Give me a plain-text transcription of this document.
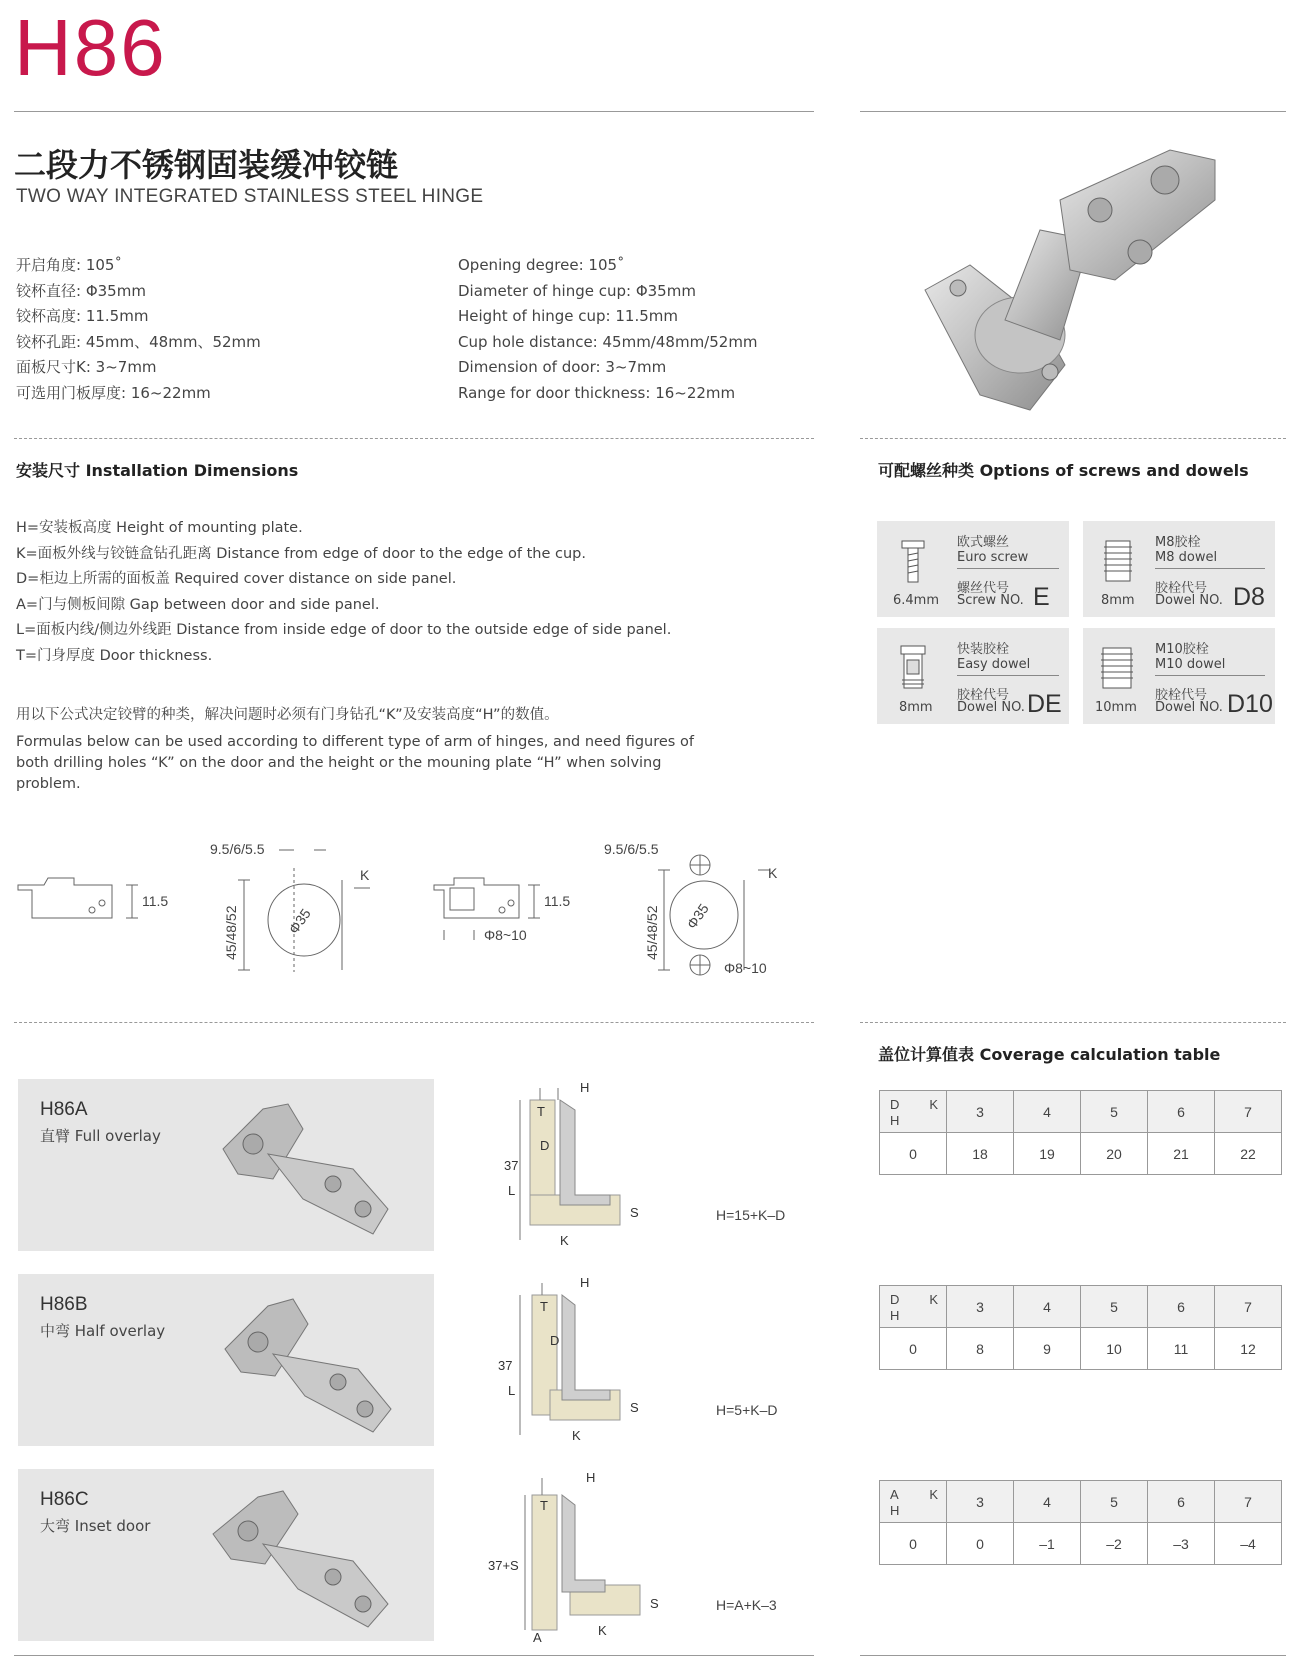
H86
二段力不锈钢固装缓冲铰链
TWO WAY INTEGRATED STAINLESS STEEL HINGE
开启角度: 105˚
铰杯直径: Φ35mm
铰杯高度: 11.5mm
铰杯孔距: 45mm、48mm、52mm
面板尺寸K: 3~7mm
可选用门板厚度: 16~22mm
Opening degree: 105˚
Diameter of hinge cup: Φ35mm
Height of hinge cup: 11.5mm
Cup hole distance: 45mm/48mm/52mm
Dimension of door: 3~7mm
Range for door thickness: 16~22mm
安装尺寸 Installation Dimensions
H=安装板高度 Height of mounting plate.
K=面板外线与铰链盒钻孔距离 Distance from edge of door to the edge of the cup.
D=柜边上所需的面板盖 Required cover distance on side panel.
A=门与侧板间隙 Gap between door and side panel.
L=面板内线/侧边外线距 Distance from inside edge of door to the outside edge of side panel.
T=门身厚度 Door thickness.
用以下公式决定铰臂的种类，解决问题时必须有门身钻孔“K”及安装高度“H”的数值。
Formulas below can be used according to different type of arm of hinges, and need figures of both drilling holes “K” on the door and the height or the mouning plate “H” when solving problem.
11.5
9.5/6/5.5
45/48/52	Φ35
K
11.5
Φ8~10
9.5/6/5.5
45/48/52 Φ35
K
Φ8~10
可配螺丝种类 Options of screws and dowels
欧式螺丝
Euro screw
螺丝代号
Screw NO. E
6.4mm
M8胶栓
M8 dowel
胶栓代号
Dowel NO. D8
8mm
快装胶栓
Easy dowel
胶栓代号
Dowel NO. DE
8mm
M10胶栓
M10 dowel
胶栓代号
Dowel NO. D10
10mm
盖位计算值表 Coverage calculation table
H86A
直臂 Full overlay
H86B
中弯 Half overlay
H86C
大弯 Inset door
T
H
D
37
L
S
K
H=15+K–D
T
H
D
37
L
S
K
H=5+K–D
T
H
37+S
S
A	K
H=A+K–3
D K
H	3	4	5	6	7
0	18	19	20	21	22
D K
H	3	4	5	6	7
0	8	9	10	11	12
A K
H	3	4	5	6	7
0	0	–1	–2	–3	–4
